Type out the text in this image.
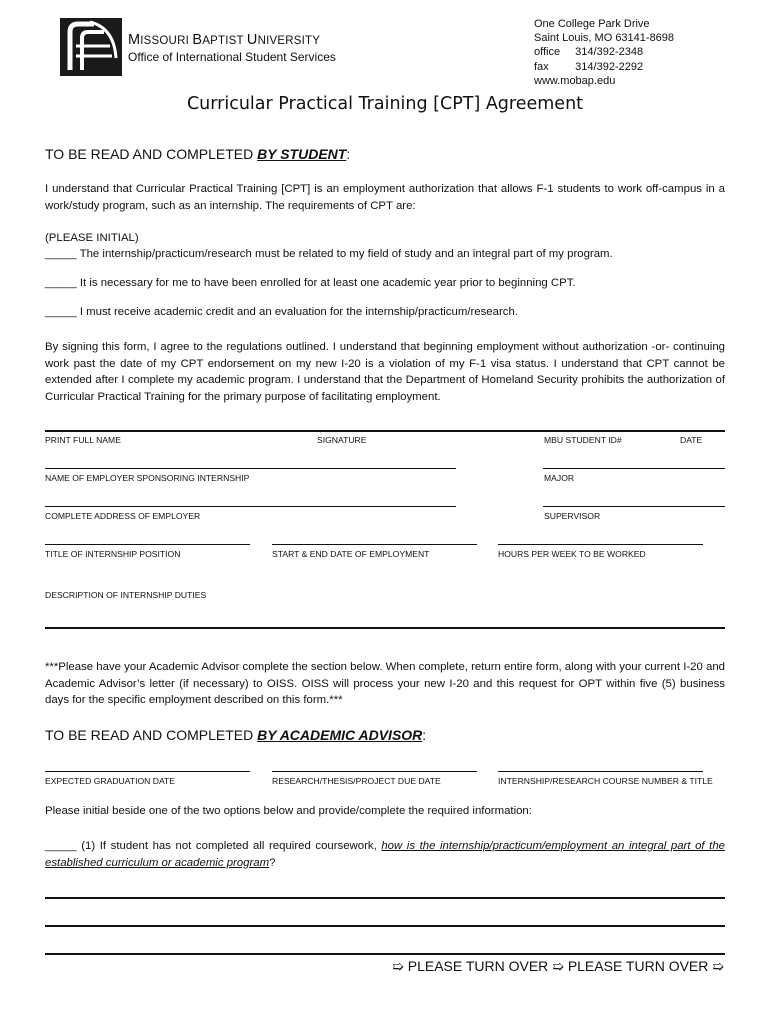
MISSOURI BAPTIST UNIVERSITY
Office of International Student Services
One College Park Drive
Saint Louis, MO 63141-8698
office 314/392-2348
fax 314/392-2292
www.mobap.edu
Curricular Practical Training [CPT] Agreement
TO BE READ AND COMPLETED BY STUDENT:
I understand that Curricular Practical Training [CPT] is an employment authorization that allows F-1 students to work off-campus in a work/study program, such as an internship. The requirements of CPT are:
(PLEASE INITIAL)
_____ The internship/practicum/research must be related to my field of study and an integral part of my program.
_____ It is necessary for me to have been enrolled for at least one academic year prior to beginning CPT.
_____ I must receive academic credit and an evaluation for the internship/practicum/research.
By signing this form, I agree to the regulations outlined. I understand that beginning employment without authorization -or- continuing work past the date of my CPT endorsement on my new I-20 is a violation of my F-1 visa status. I understand that CPT cannot be extended after I complete my academic program. I understand that the Department of Homeland Security prohibits the authorization of Curricular Practical Training for the primary purpose of facilitating employment.
PRINT FULL NAME	SIGNATURE	MBU STUDENT ID#	DATE
NAME OF EMPLOYER SPONSORING INTERNSHIP	MAJOR
COMPLETE ADDRESS OF EMPLOYER	SUPERVISOR
TITLE OF INTERNSHIP POSITION	START & END DATE OF EMPLOYMENT	HOURS PER WEEK TO BE WORKED
DESCRIPTION OF INTERNSHIP DUTIES
***Please have your Academic Advisor complete the section below. When complete, return entire form, along with your current I-20 and Academic Advisor’s letter (if necessary) to OISS. OISS will process your new I-20 and this request for OPT within five (5) business days for the specific employment described on this form.***
TO BE READ AND COMPLETED BY ACADEMIC ADVISOR:
EXPECTED GRADUATION DATE	RESEARCH/THESIS/PROJECT DUE DATE	INTERNSHIP/RESEARCH COURSE NUMBER & TITLE
Please initial beside one of the two options below and provide/complete the required information:
_____ (1) If student has not completed all required coursework, how is the internship/practicum/employment an integral part of the established curriculum or academic program?
➯ PLEASE TURN OVER ➯ PLEASE TURN OVER ➯
